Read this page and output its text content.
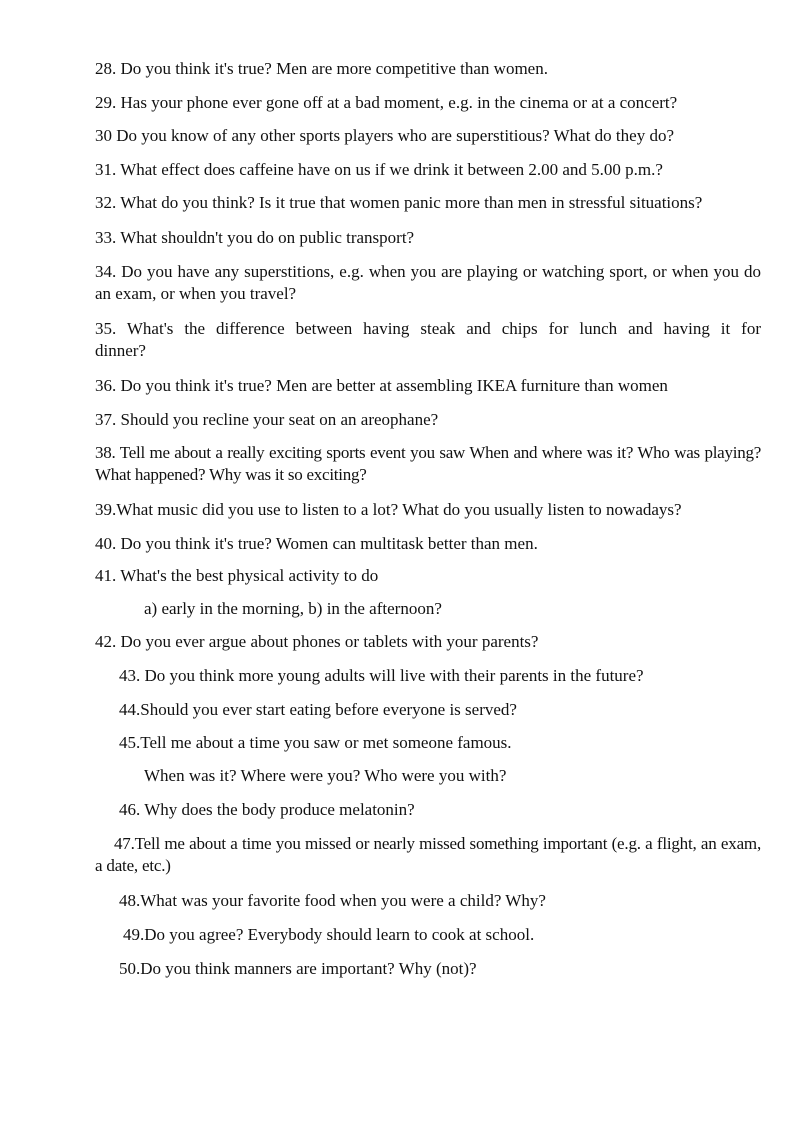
28. Do you think it's true? Men are more competitive than women.
29. Has your phone ever gone off at a bad moment, e.g. in the cinema or at a concert?
30 Do you know of any other sports players who are superstitious? What do they do?
31. What effect does caffeine have on us if we drink it between 2.00 and 5.00 p.m.?
32. What do you think? Is it true that women panic more than men in stressful situations?
33. What shouldn't you do on public transport?
34. Do you have any superstitions, e.g. when you are playing or watching sport, or when you do an exam, or when you travel?
35. What's the difference between having steak and chips for lunch and having it for dinner?
36. Do you think it's true? Men are better at assembling IKEA furniture than women
37. Should you recline your seat on an areophane?
38. Tell me about a really exciting sports event you saw When and where was it? Who was playing? What happened? Why was it so exciting?
39.What music did you use to listen to a lot? What do you usually listen to nowadays?
40. Do you think it's true? Women can multitask better than men.
41. What's the best physical activity to do
a) early in the morning, b) in the afternoon?
42. Do you ever argue about phones or tablets with your parents?
43. Do you think more young adults will live with their parents in the future?
44.Should you ever start eating before everyone is served?
45.Tell me about a time you saw or met someone famous.
When was it? Where were you? Who were you with?
46. Why does the body produce melatonin?
47.Tell me about a time you missed or nearly missed something important (e.g. a flight, an exam, a date, etc.)
48.What was your favorite food when you were a child? Why?
49.Do you agree? Everybody should learn to cook at school.
50.Do you think manners are important? Why (not)?
